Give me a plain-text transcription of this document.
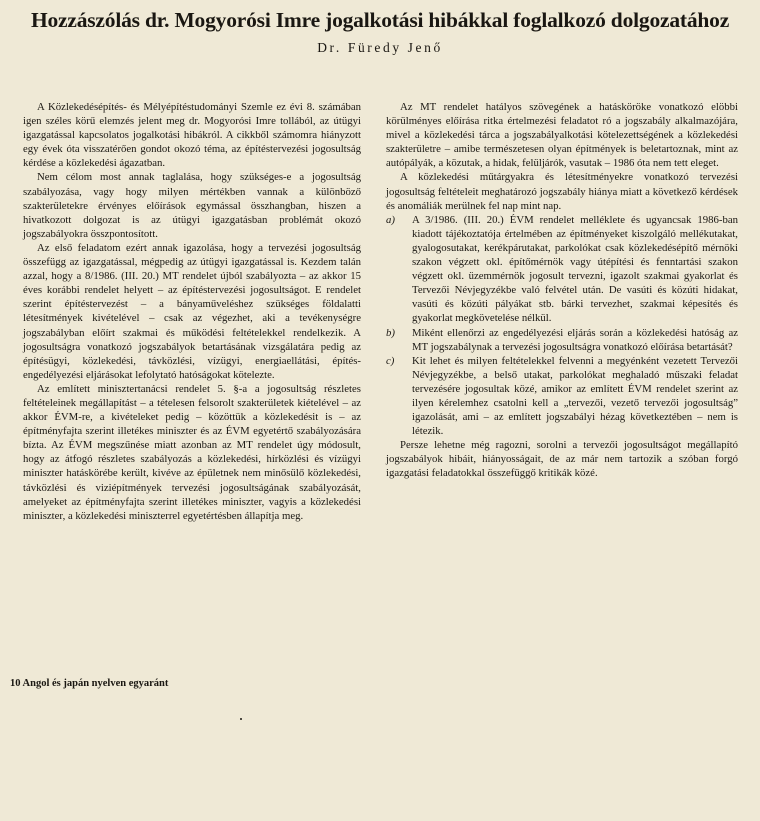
Hozzászólás dr. Mogyorósi Imre jogalkotási hibákkal foglalkozó dolgozatához
Dr. Füredy Jenő

A Közlekedésépítés- és Mélyépítéstudományi Szemle ez évi 8. számában igen széles körű elemzés jelent meg dr. Mogyorósi Imre tollából, az útügyi igazgatással kapcsolatos jogalkotási hibákról. A cikkből számomra hiányzott egy évek óta visszatérően gondot okozó téma, az építéstervezési jogosultság kérdése a közlekedési ágazatban.

Nem célom most annak taglalása, hogy szükséges-e a jogosultság szabályozása, vagy hogy milyen mértékben vannak a különböző szakterületekre érvényes előírások egymással összhangban, hiszen a hivatkozott dolgozat is az útügyi igazgatásban problémát okozó jogszabályokra összpontosított.

Az első feladatom ezért annak igazolása, hogy a tervezési jogosultság összefügg az igazgatással, mégpedig az útügyi igazgatással is. Kezdem talán azzal, hogy a 8/1986. (III. 20.) MT rendelet újból szabályozta – az akkor 15 éves korábbi rendelet helyett – az építéstervezési jogosultságot. E rendelet szerint építéstervezést – a bányaműveléshez szükséges földalatti létesítmények kivételével – csak az végezhet, aki a tevékenységre jogszabályban előírt szakmai és működési feltételekkel rendelkezik. A jogosultságra vonatkozó jogszabályok betartásának vizsgálatára pedig az építésügyi, közlekedési, távközlési, vízügyi, energiaellátási, építés-engedélyezési eljárásokat lefolytató hatóságokat kötelezte.

Az említett minisztertanácsi rendelet 5. §-a a jogosultság részletes feltételeinek megállapítást – a tételesen felsorolt szakterületek kiételével – az akkor ÉVM-re, a kivételeket pedig – közöttük a közlekedésit is – az építményfajta szerint illetékes miniszter és az ÉVM egyetértő szabályozására bízta. Az ÉVM megszűnése miatt azonban az MT rendelet úgy módosult, hogy az átfogó részletes szabályozás a közlekedési, hírközlési és vízügyi miniszter hatáskörébe került, kivéve az épületnek nem minősülő közlekedési, távközlési és viziépítmények tervezési jogosultságának szabályozását, amelyeket az építményfajta szerint illetékes miniszter, vagyis a közlekedési miniszter, a közlekedési miniszterrel egyetértésben állapítja meg.

Az MT rendelet hatályos szövegének a hatásköröke vonatkozó elöbbi körülményes előírása ritka értelmezési feladatot ró a jogszabály alkalmazójára, mivel a közlekedési tárca a jogszabályalkotási kötelezettségének a közlekedési szakterületre – amibe természetesen olyan építmények is beletartoznak, mint az autópályák, a közutak, a hidak, felüljárók, vasutak – 1986 óta nem tett eleget.

A közlekedési műtárgyakra és létesítményekre vonatkozó tervezési jogosultság feltételeit meghatározó jogszabály hiánya miatt a következő kérdések és anomáliák merülnek fel nap mint nap.

a) A 3/1986. (III. 20.) ÉVM rendelet melléklete és ugyancsak 1986-ban kiadott tájékoztatója értelmében az építményeket kiszolgáló mellékutakat, gyalogosutakat, kerékpárutakat, parkolókat csak közlekedésépítő mérnöki szakon végzett okl. építőmérnök vagy útépítési és fenntartási szakon végzett okl. üzemmérnök jogosult tervezni, igazolt szakmai gyakorlat és Tervezői Névjegyzékbe való felvétel után. De vasúti és közúti hidakat, vasúti és közúti pályákat stb. bárki tervezhet, szakmai képesítés és gyakorlat megkövetelése nélkül.

b) Miként ellenőrzi az engedélyezési eljárás során a közlekedési hatóság az MT jogszabálynak a tervezési jogosultságra vonatkozó előírása betartását?

c) Kit lehet és milyen feltételekkel felvenni a megyénként vezetett Tervezői Névjegyzékbe, a belső utakat, parkolókat meghaladó műszaki feladat tervezésére jogosultak közé, amikor az említett ÉVM rendelet szerint az ilyen kérelemhez csatolni kell a „tervezői, vezető tervezői jogosultság” igazolását, ami – az említett jogszabályi hézag következtében – nem is létezik.

Persze lehetne még ragozni, sorolni a tervezői jogosultságot megállapító jogszabályok hibáit, hiányosságait, de az már nem tartozik a szóban forgó igazgatási feladatokkal összefüggő kritikák közé.

10 Angol és japán nyelven egyaránt
